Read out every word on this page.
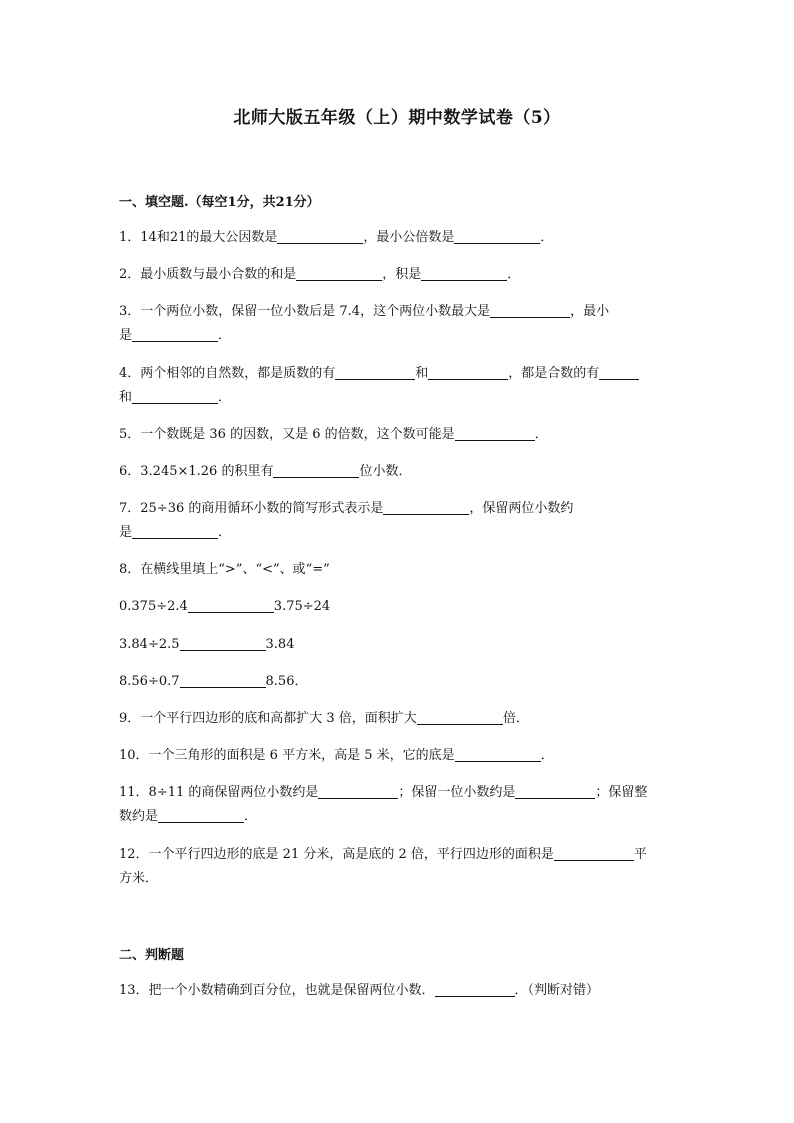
北师大版五年级（上）期中数学试卷（5）
一、填空题.（每空1分，共21分）
1．14和21的最大公因数是	，最小公倍数是	．
2．最小质数与最小合数的和是	，积是	．
3．一个两位小数，保留一位小数后是 7.4，这个两位小数最大是	，最小
是	．
4．两个相邻的自然数，都是质数的有	和	，都是合数的有
和	．
5．一个数既是 36 的因数，又是 6 的倍数，这个数可能是	．
6．3.245×1.26 的积里有	位小数．
7．25÷36 的商用循环小数的简写形式表示是	，保留两位小数约
是	．
8．在横线里填上“>”、“<”、或“=”
0.375÷2.4	3.75÷24
3.84÷2.5	3.84
8.56÷0.7	8.56．
9．一个平行四边形的底和高都扩大 3 倍，面积扩大	倍．
10．一个三角形的面积是 6 平方米，高是 5 米，它的底是	．
11．8÷11 的商保留两位小数约是	；保留一位小数约是	；保留整
数约是	．
12．一个平行四边形的底是 21 分米，高是底的 2 倍，平行四边形的面积是	平
方米．
二、判断题
13．把一个小数精确到百分位，也就是保留两位小数．	．（判断对错）
